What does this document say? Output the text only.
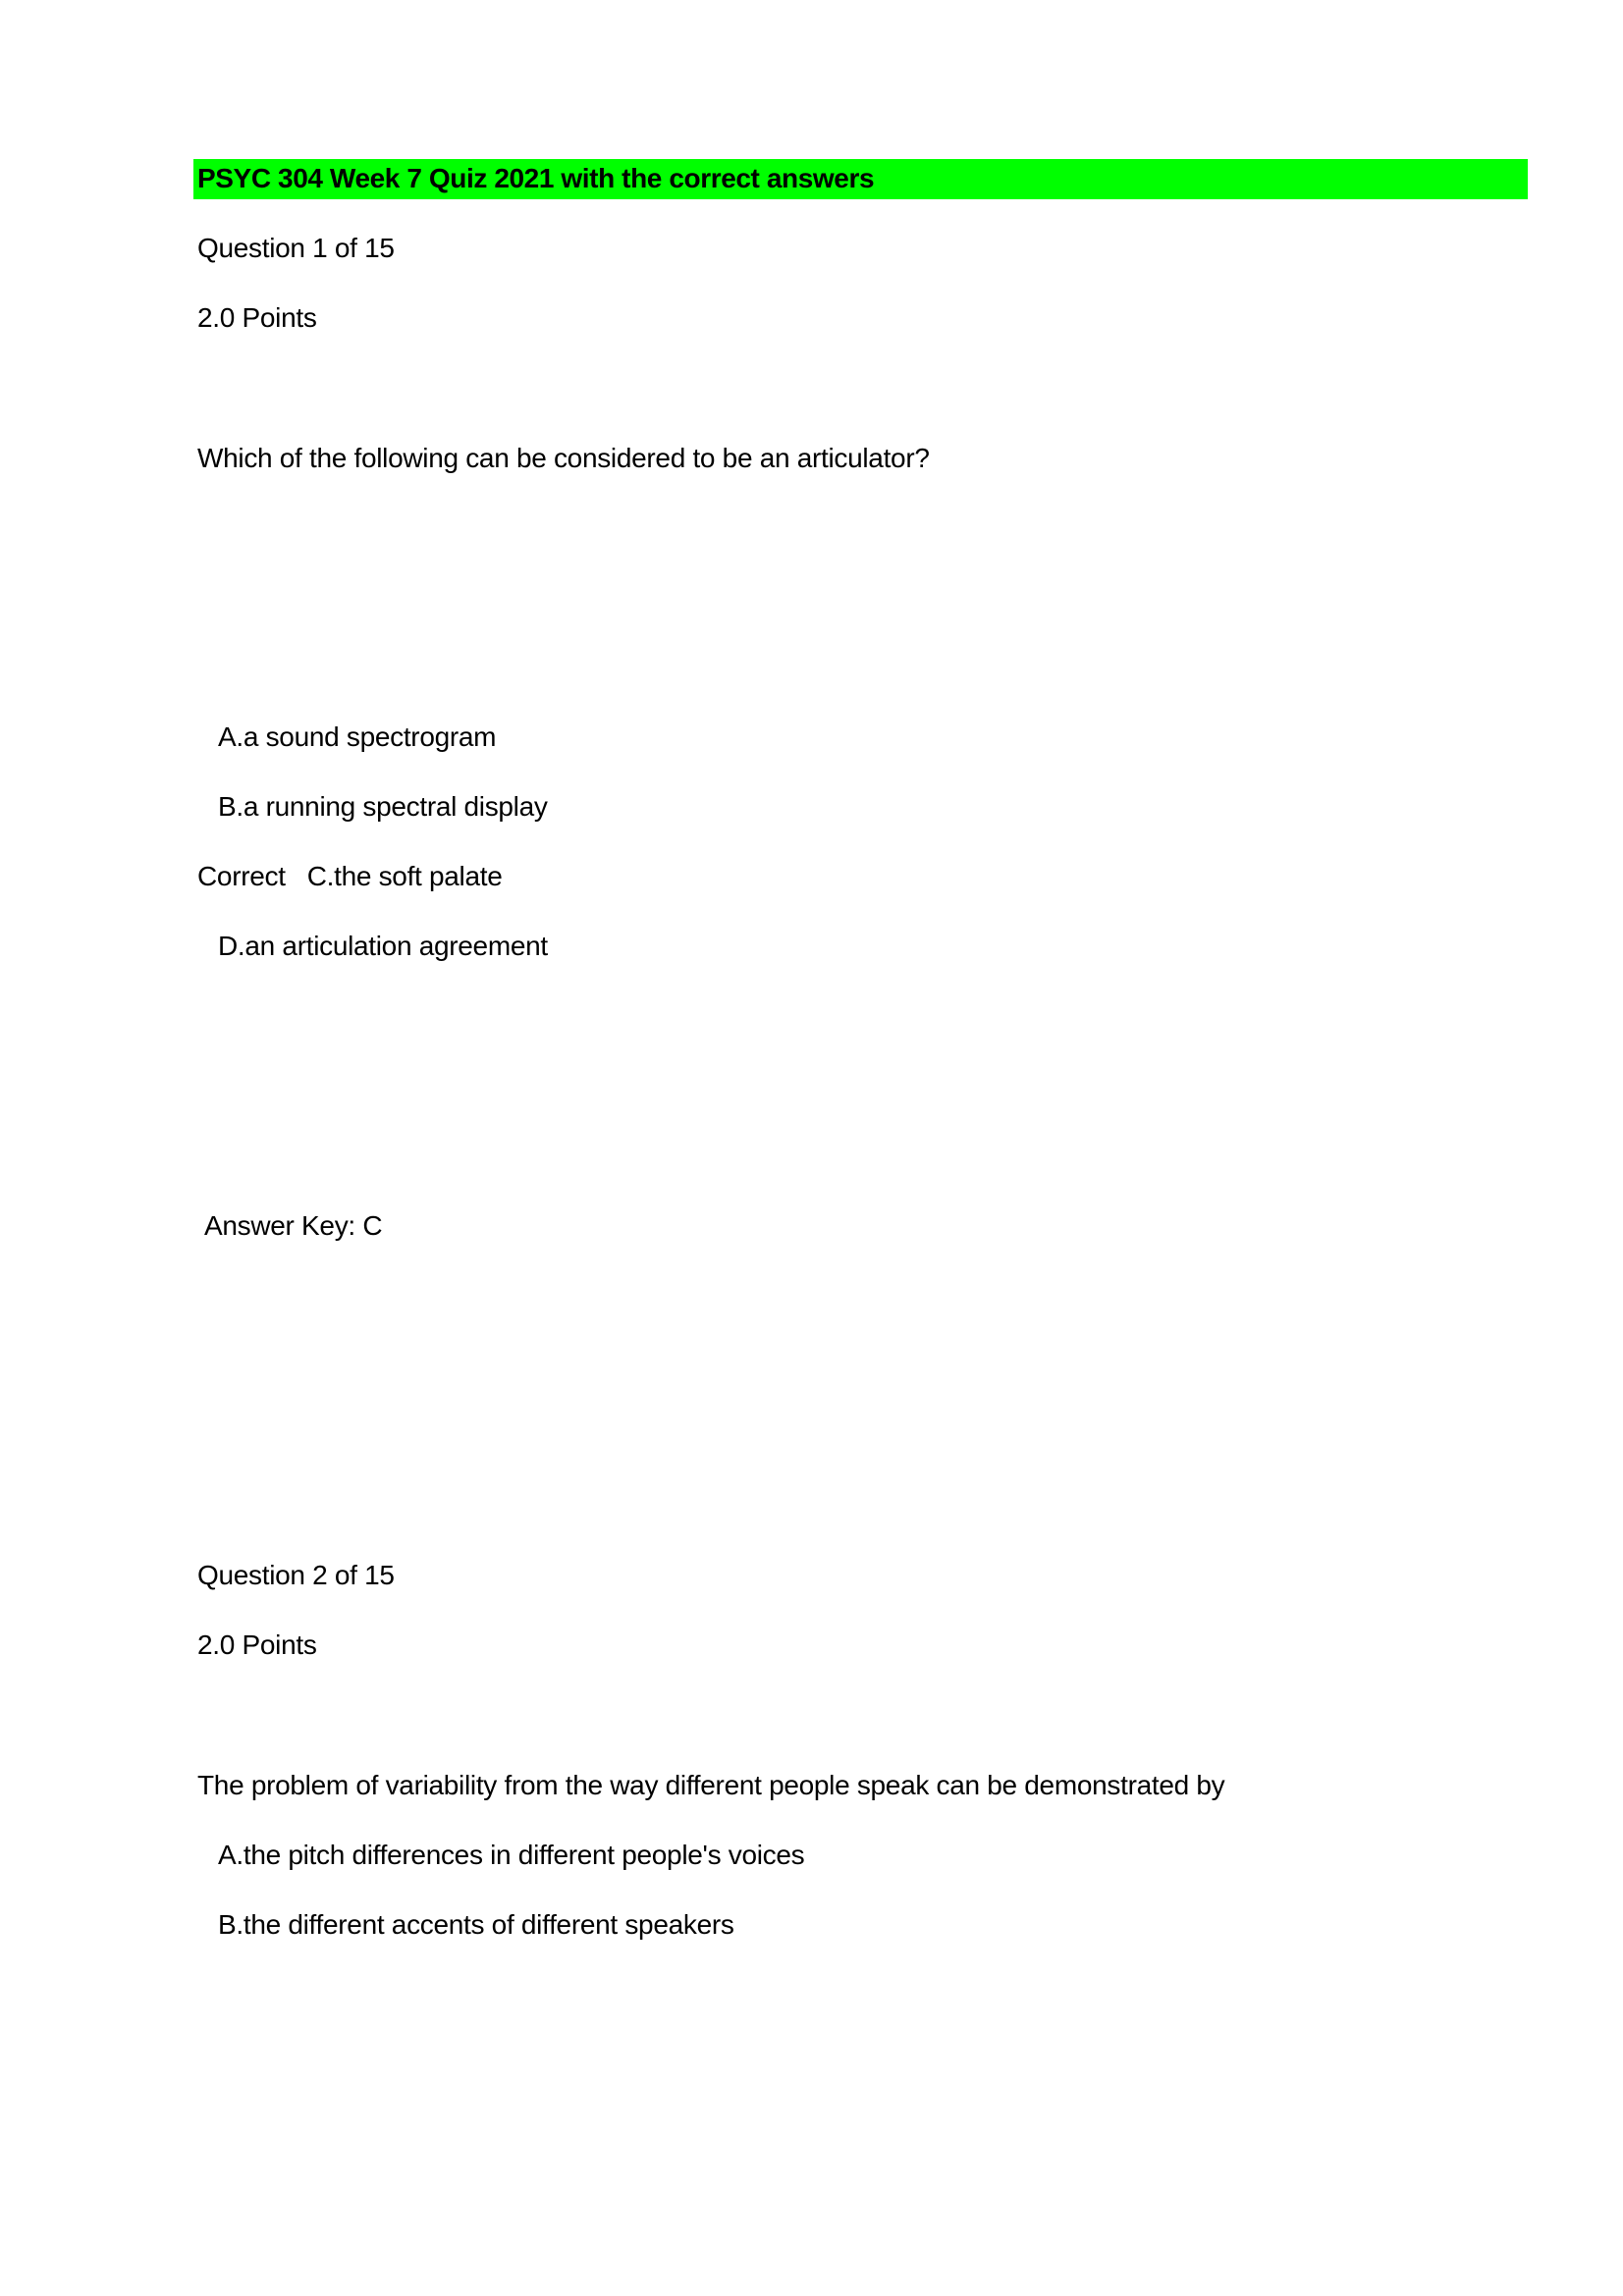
PSYC 304 Week 7 Quiz 2021 with the correct answers
Question 1 of 15
2.0 Points
Which of the following can be considered to be an articulator?
A.a sound spectrogram
B.a running spectral display
Correct C.the soft palate
D.an articulation agreement
Answer Key: C
Question 2 of 15
2.0 Points
The problem of variability from the way different people speak can be demonstrated by
A.the pitch differences in different people's voices
B.the different accents of different speakers
